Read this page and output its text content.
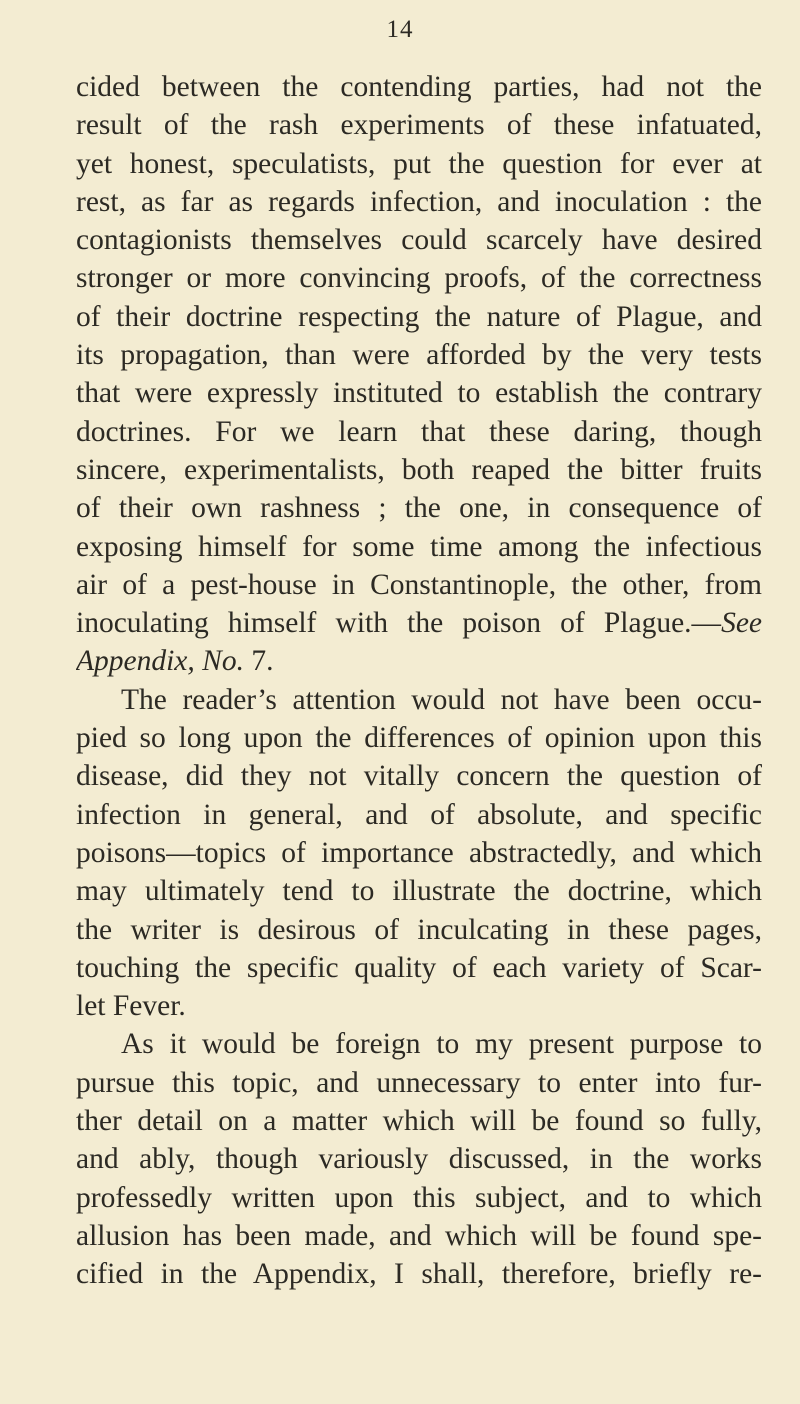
14
cided between the contending parties, had not the
result of the rash experiments of these infatuated,
yet honest, speculatists, put the question for ever at
rest, as far as regards infection, and inoculation : the
contagionists themselves could scarcely have desired
stronger or more convincing proofs, of the correctness
of their doctrine respecting the nature of Plague, and
its propagation, than were afforded by the very tests
that were expressly instituted to establish the contrary
doctrines. For we learn that these daring, though
sincere, experimentalists, both reaped the bitter fruits
of their own rashness ; the one, in consequence of
exposing himself for some time among the infectious
air of a pest-house in Constantinople, the other, from
inoculating himself with the poison of Plague.—See
Appendix, No. 7.
The reader’s attention would not have been occu-
pied so long upon the differences of opinion upon this
disease, did they not vitally concern the question of
infection in general, and of absolute, and specific
poisons—topics of importance abstractedly, and which
may ultimately tend to illustrate the doctrine, which
the writer is desirous of inculcating in these pages,
touching the specific quality of each variety of Scar-
let Fever.
As it would be foreign to my present purpose to
pursue this topic, and unnecessary to enter into fur-
ther detail on a matter which will be found so fully,
and ably, though variously discussed, in the works
professedly written upon this subject, and to which
allusion has been made, and which will be found spe-
cified in the Appendix, I shall, therefore, briefly re-
